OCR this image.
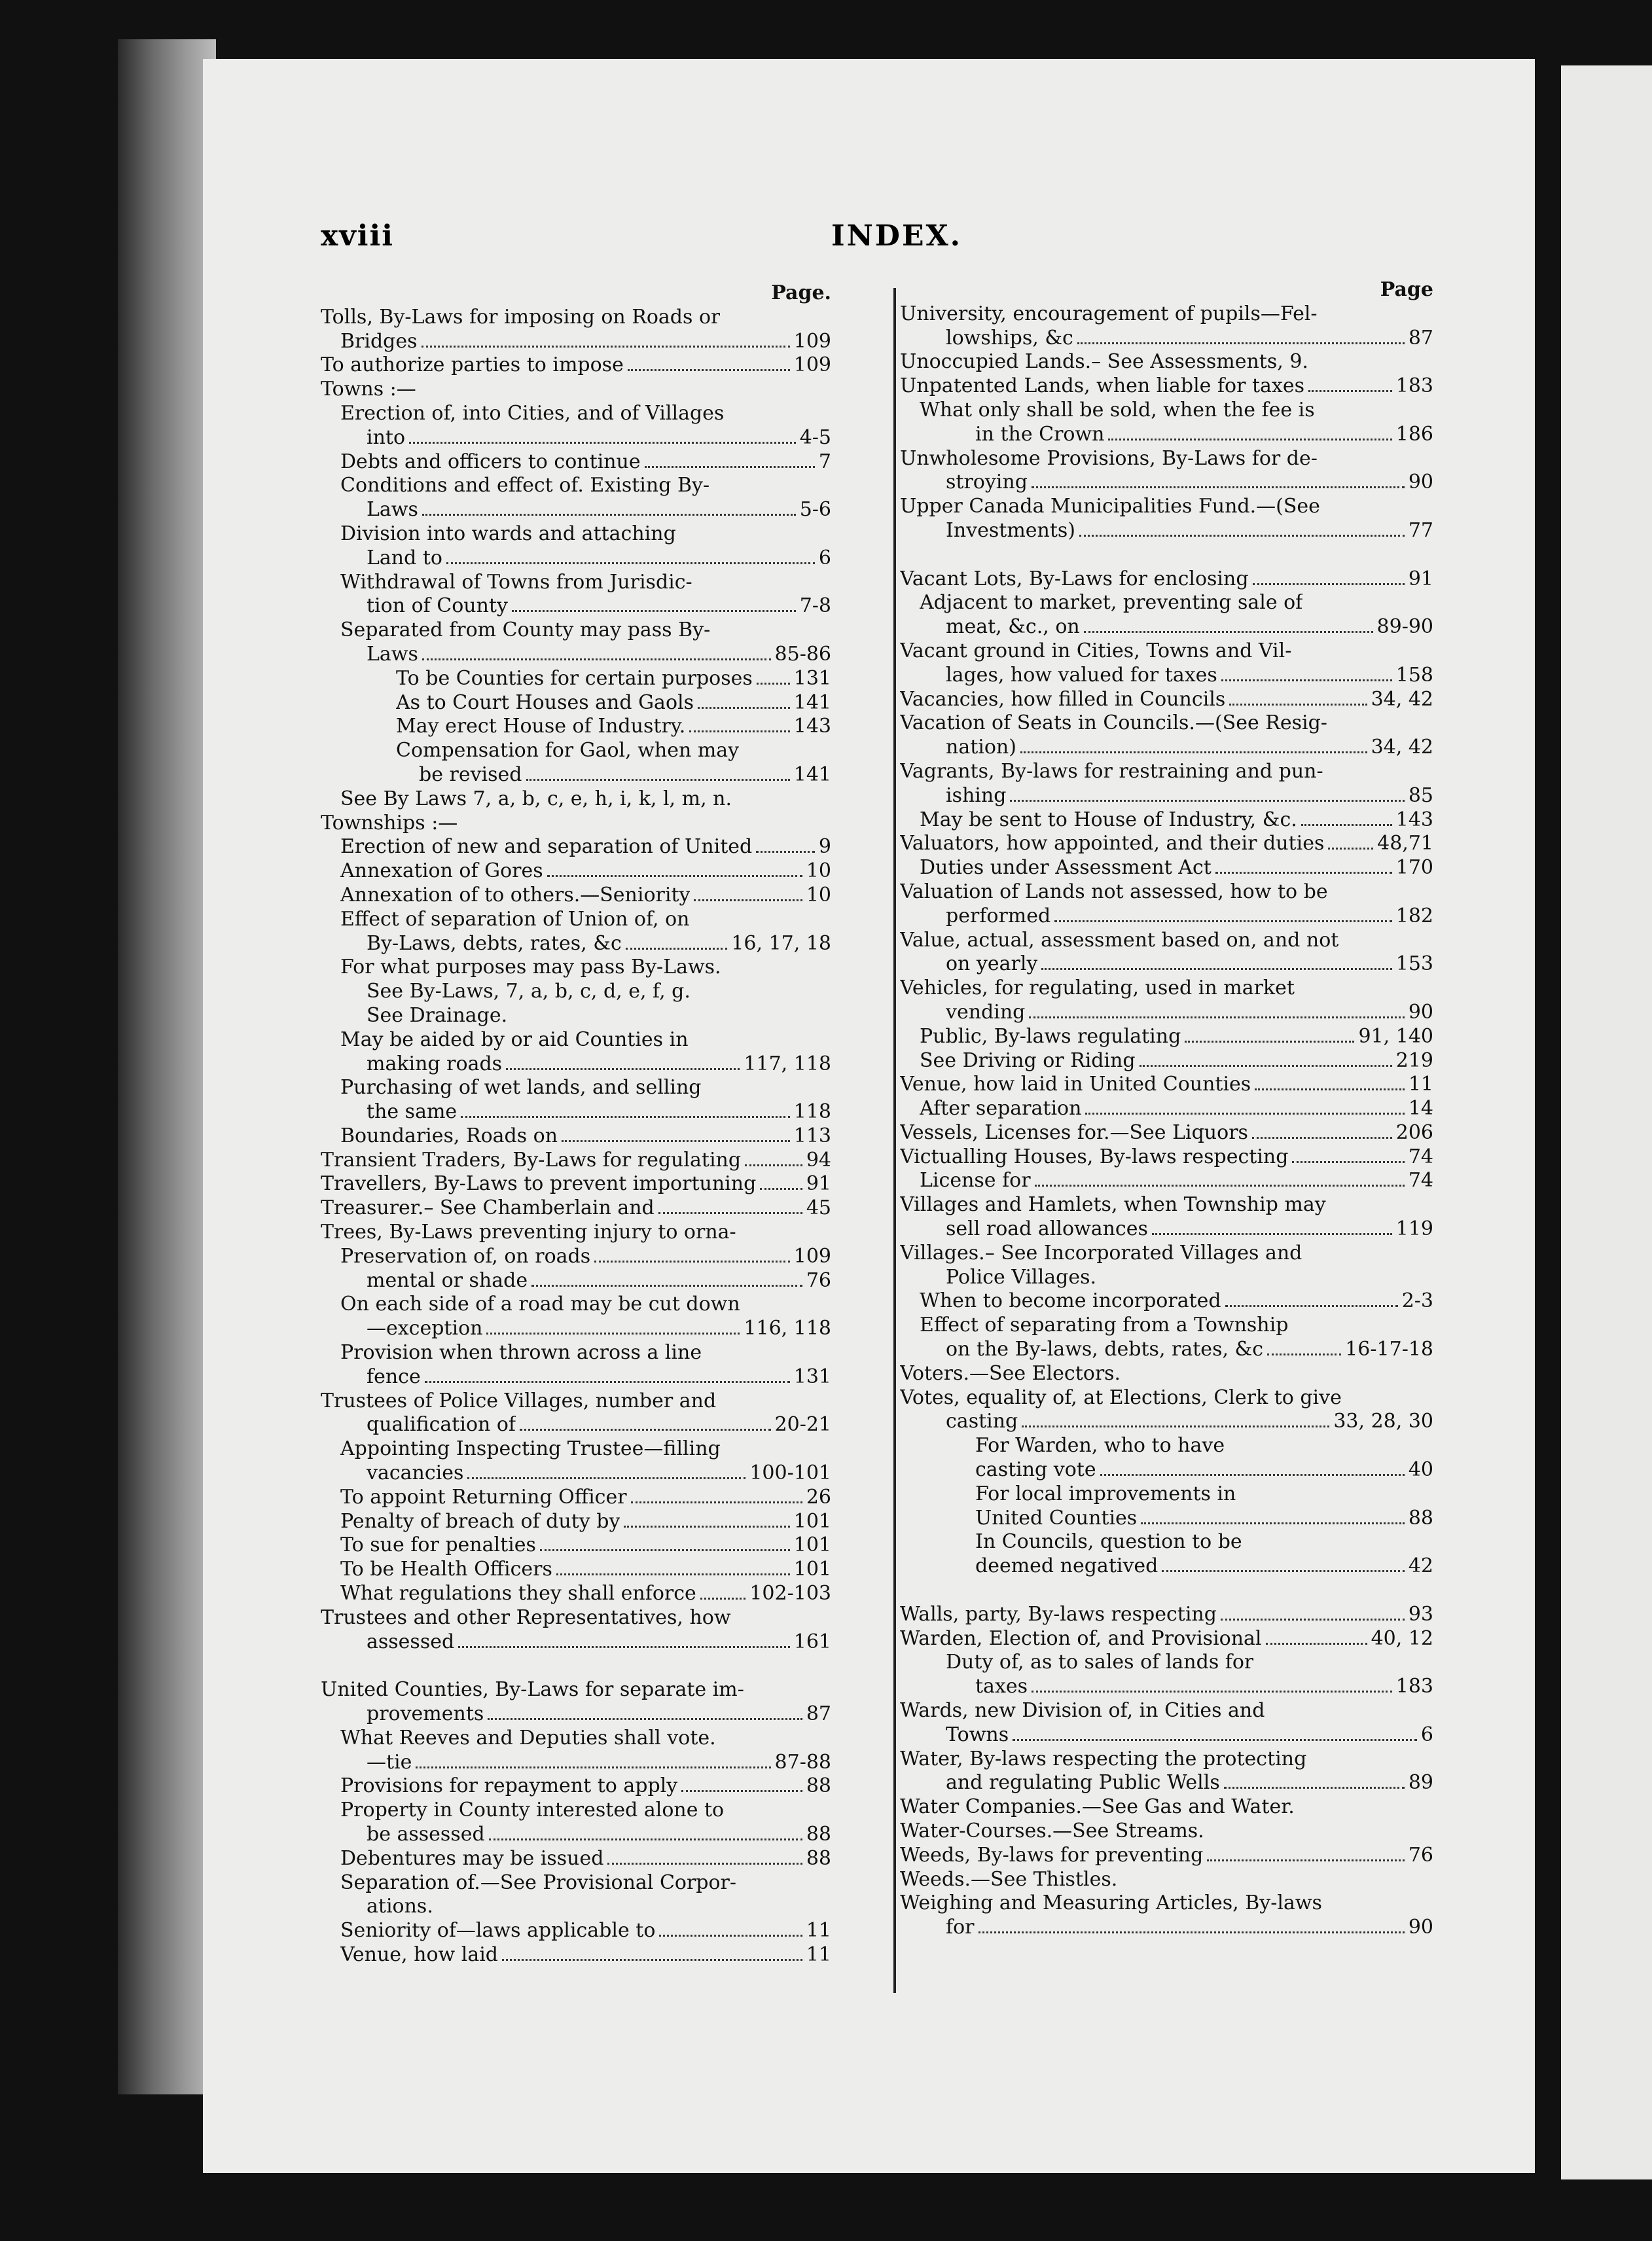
xviii	INDEX.
Page.
Tolls, By-Laws for imposing on Roads or
Bridges	109
To authorize parties to impose	109
Towns :—
Erection of, into Cities, and of Villages
into	4-5
Debts and officers to continue	7
Conditions and effect of. Existing By-
Laws	5-6
Division into wards and attaching
Land to	6
Withdrawal of Towns from Jurisdic-
tion of County	7-8
Separated from County may pass By-
Laws	85-86
To be Counties for certain purposes 131
As to Court Houses and Gaols	141
May erect House of Industry.	143
Compensation for Gaol, when may
be revised	141
See By Laws 7, a, b, c, e, h, i, k, l, m, n.
Townships :—
Erection of new and separation of United	9
Annexation of Gores	10
Annexation of to others.—Seniority	10
Effect of separation of Union of, on
By-Laws, debts, rates, &c	16, 17, 18
For what purposes may pass By-Laws.
See By-Laws, 7, a, b, c, d, e, f, g.
See Drainage.
May be aided by or aid Counties in
making roads	117, 118
Purchasing of wet lands, and selling
the same	118
Boundaries, Roads on	113
Transient Traders, By-Laws for regulating	94
Travellers, By-Laws to prevent importuning	91
Treasurer.– See Chamberlain and	45
Trees, By-Laws preventing injury to orna-
Preservation of, on roads	109
mental or shade	76
On each side of a road may be cut down
—exception	116, 118
Provision when thrown across a line
fence	131
Trustees of Police Villages, number and
qualification of	20-21
Appointing Inspecting Trustee—filling
vacancies	100-101
To appoint Returning Officer	26
Penalty of breach of duty by	101
To sue for penalties	101
To be Health Officers	101
What regulations they shall enforce	102-103
Trustees and other Representatives, how
assessed	161
United Counties, By-Laws for separate im-
provements	87
What Reeves and Deputies shall vote.
—tie	87-88
Provisions for repayment to apply	88
Property in County interested alone to
be assessed	88
Debentures may be issued	88
Separation of.—See Provisional Corpor-
ations.
Seniority of—laws applicable to	11
Venue, how laid	11
Page
University, encouragement of pupils—Fel-
lowships, &c	87
Unoccupied Lands.– See Assessments, 9.
Unpatented Lands, when liable for taxes	183
What only shall be sold, when the fee is
in the Crown	186
Unwholesome Provisions, By-Laws for de-
stroying	90
Upper Canada Municipalities Fund.—(See
Investments)	77
Vacant Lots, By-Laws for enclosing	91
Adjacent to market, preventing sale of
meat, &c., on	89-90
Vacant ground in Cities, Towns and Vil-
lages, how valued for taxes	158
Vacancies, how filled in Councils	34, 42
Vacation of Seats in Councils.—(See Resig-
nation)	34, 42
Vagrants, By-laws for restraining and pun-
ishing	85
May be sent to House of Industry, &c.	143
Valuators, how appointed, and their duties	48,71
Duties under Assessment Act	170
Valuation of Lands not assessed, how to be
performed	182
Value, actual, assessment based on, and not
on yearly	153
Vehicles, for regulating, used in market
vending	90
Public, By-laws regulating	91, 140
See Driving or Riding	219
Venue, how laid in United Counties	11
After separation	14
Vessels, Licenses for.—See Liquors	206
Victualling Houses, By-laws respecting	74
License for	74
Villages and Hamlets, when Township may
sell road allowances	119
Villages.– See Incorporated Villages and
Police Villages.
When to become incorporated	2-3
Effect of separating from a Township
on the By-laws, debts, rates, &c	16-17-18
Voters.—See Electors.
Votes, equality of, at Elections, Clerk to give
casting	33, 28, 30
For Warden, who to have
casting vote	40
For local improvements in
United Counties	88
In Councils, question to be
deemed negatived	42
Walls, party, By-laws respecting	93
Warden, Election of, and Provisional	40, 12
Duty of, as to sales of lands for
taxes	183
Wards, new Division of, in Cities and
Towns	6
Water, By-laws respecting the protecting
and regulating Public Wells	89
Water Companies.—See Gas and Water.
Water-Courses.—See Streams.
Weeds, By-laws for preventing	76
Weeds.—See Thistles.
Weighing and Measuring Articles, By-laws
for	90
